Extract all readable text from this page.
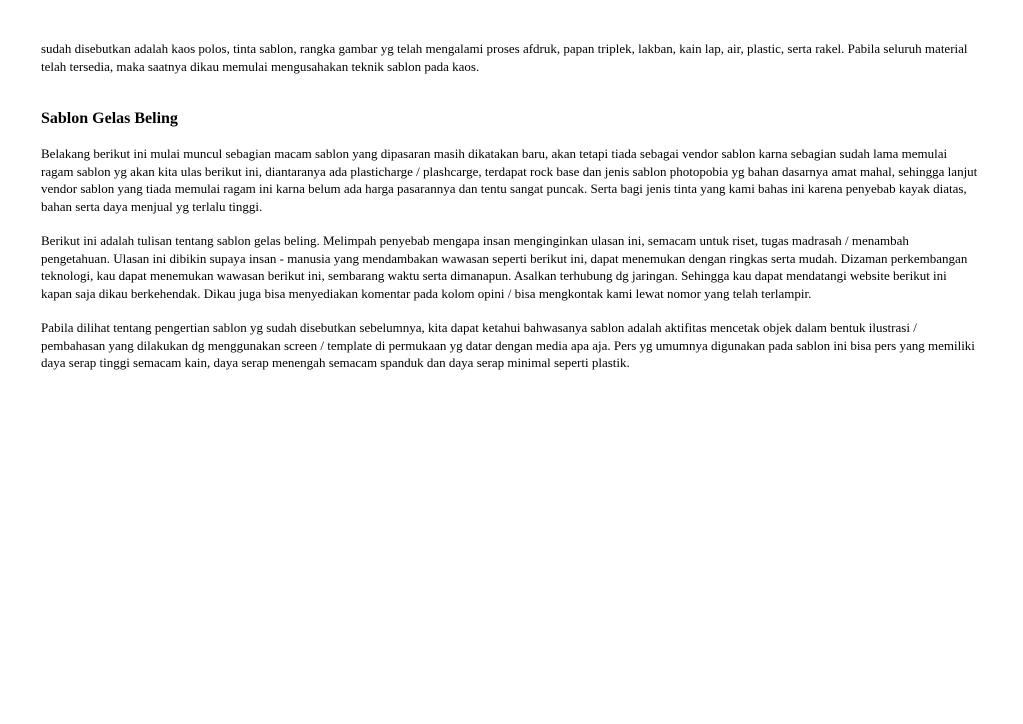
sudah disebutkan adalah kaos polos, tinta sablon, rangka gambar yg telah mengalami proses afdruk, papan triplek, lakban, kain lap, air, plastic, serta rakel. Pabila seluruh material telah tersedia, maka saatnya dikau memulai mengusahakan teknik sablon pada kaos.

Sablon Gelas Beling

Belakang berikut ini mulai muncul sebagian macam sablon yang dipasaran masih dikatakan baru, akan tetapi tiada sebagai vendor sablon karna sebagian sudah lama memulai ragam sablon yg akan kita ulas berikut ini, diantaranya ada plasticharge / plashcarge, terdapat rock base dan jenis sablon photopobia yg bahan dasarnya amat mahal, sehingga lanjut vendor sablon yang tiada memulai ragam ini karna belum ada harga pasarannya dan tentu sangat puncak. Serta bagi jenis tinta yang kami bahas ini karena penyebab kayak diatas, bahan serta daya menjual yg terlalu tinggi.

Berikut ini adalah tulisan tentang sablon gelas beling. Melimpah penyebab mengapa insan menginginkan ulasan ini, semacam untuk riset, tugas madrasah / menambah pengetahuan. Ulasan ini dibikin supaya insan - manusia yang mendambakan wawasan seperti berikut ini, dapat menemukan dengan ringkas serta mudah. Dizaman perkembangan teknologi, kau dapat menemukan wawasan berikut ini, sembarang waktu serta dimanapun. Asalkan terhubung dg jaringan. Sehingga kau dapat mendatangi website berikut ini kapan saja dikau berkehendak. Dikau juga bisa menyediakan komentar pada kolom opini / bisa mengkontak kami lewat nomor yang telah terlampir.

Pabila dilihat tentang pengertian sablon yg sudah disebutkan sebelumnya, kita dapat ketahui bahwasanya sablon adalah aktifitas mencetak objek dalam bentuk ilustrasi / pembahasan yang dilakukan dg menggunakan screen / template di permukaan yg datar dengan media apa aja. Pers yg umumnya digunakan pada sablon ini bisa pers yang memiliki daya serap tinggi semacam kain, daya serap menengah semacam spanduk dan daya serap minimal seperti plastik.
